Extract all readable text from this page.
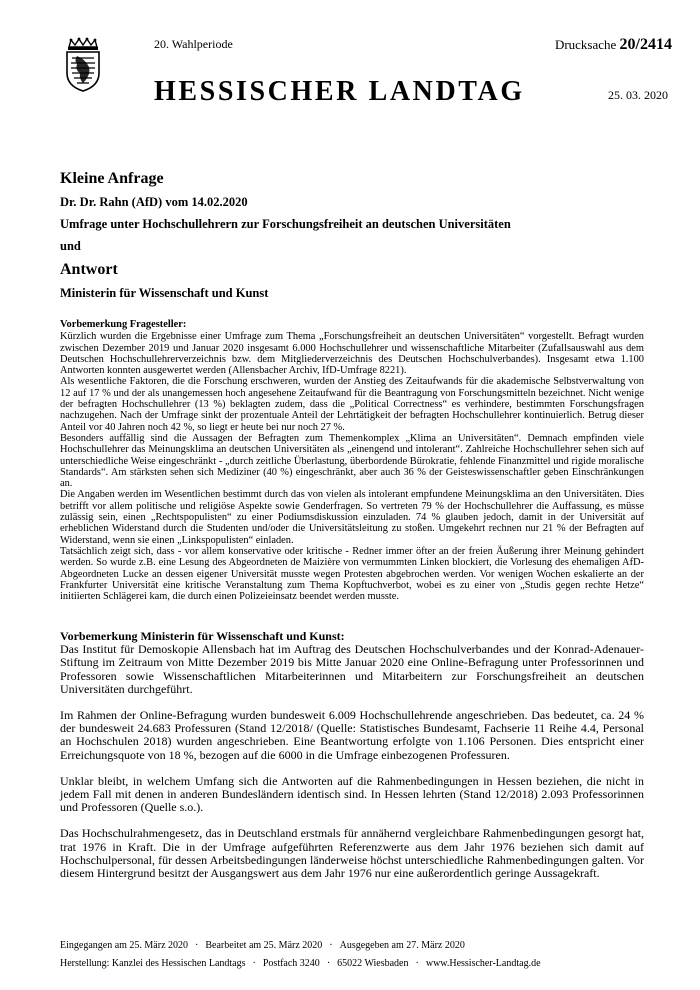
20. Wahlperiode	Drucksache 20/2414
HESSISCHER LANDTAG	25. 03. 2020
Kleine Anfrage
Dr. Dr. Rahn (AfD) vom 14.02.2020
Umfrage unter Hochschullehrern zur Forschungsfreiheit an deutschen Universitäten
und
Antwort
Ministerin für Wissenschaft und Kunst

Vorbemerkung Fragesteller:

Kürzlich wurden die Ergebnisse einer Umfrage zum Thema „Forschungsfreiheit an deutschen Universitäten“ vorgestellt. Befragt wurden zwischen Dezember 2019 und Januar 2020 insgesamt 6.000 Hochschullehrer und wissenschaftliche Mitarbeiter (Zufallsauswahl aus dem Deutschen Hochschullehrerverzeichnis bzw. dem Mitgliederverzeichnis des Deutschen Hochschulverbandes). Insgesamt etwa 1.100 Antworten konnten ausgewertet werden (Allensbacher Archiv, IfD-Umfrage 8221).

Als wesentliche Faktoren, die die Forschung erschweren, wurden der Anstieg des Zeitaufwands für die akademische Selbstverwaltung von 12 auf 17 % und der als unangemessen hoch angesehene Zeitaufwand für die Beantragung von Forschungsmitteln bezeichnet. Nicht wenige der befragten Hochschullehrer (13 %) beklagten zudem, dass die „Political Correctness“ es verhindere, bestimmten Forschungsfragen nachzugehen. Nach der Umfrage sinkt der prozentuale Anteil der Lehrtätigkeit der befragten Hochschullehrer kontinuierlich. Betrug dieser Anteil vor 40 Jahren noch 42 %, so liegt er heute bei nur noch 27 %.

Besonders auffällig sind die Aussagen der Befragten zum Themenkomplex „Klima an Universitäten“. Demnach empfinden viele Hochschullehrer das Meinungsklima an deutschen Universitäten als „einengend und intolerant“. Zahlreiche Hochschullehrer sehen sich auf unterschiedliche Weise eingeschränkt - „durch zeitliche Überlastung, überbordende Bürokratie, fehlende Finanzmittel und rigide moralische Standards“. Am stärksten sehen sich Mediziner (40 %) eingeschränkt, aber auch 36 % der Geisteswissenschaftler geben Einschränkungen an.

Die Angaben werden im Wesentlichen bestimmt durch das von vielen als intolerant empfundene Meinungsklima an den Universitäten. Dies betrifft vor allem politische und religiöse Aspekte sowie Genderfragen. So vertreten 79 % der Hochschullehrer die Auffassung, es müsse zulässig sein, einen „Rechtspopulisten“ zu einer Podiumsdiskussion einzuladen. 74 % glauben jedoch, damit in der Universität auf erheblichen Widerstand durch die Studenten und/oder die Universitätsleitung zu stoßen. Umgekehrt rechnen nur 21 % der Befragten auf Widerstand, wenn sie einen „Linkspopulisten“ einladen.

Tatsächlich zeigt sich, dass - vor allem konservative oder kritische - Redner immer öfter an der freien Äußerung ihrer Meinung gehindert werden. So wurde z.B. eine Lesung des Abgeordneten de Maizière von vermummten Linken blockiert, die Vorlesung des ehemaligen AfD-Abgeordneten Lucke an dessen eigener Universität musste wegen Protesten abgebrochen werden. Vor wenigen Wochen eskalierte an der Frankfurter Universität eine kritische Veranstaltung zum Thema Kopftuchverbot, wobei es zu einer von „Studis gegen rechte Hetze“ initiierten Schlägerei kam, die durch einen Polizeieinsatz beendet werden musste.

Vorbemerkung Ministerin für Wissenschaft und Kunst:

Das Institut für Demoskopie Allensbach hat im Auftrag des Deutschen Hochschulverbandes und der Konrad-Adenauer-Stiftung im Zeitraum von Mitte Dezember 2019 bis Mitte Januar 2020 eine Online-Befragung unter Professorinnen und Professoren sowie Wissenschaftlichen Mitarbeiterinnen und Mitarbeitern zur Forschungsfreiheit an deutschen Universitäten durchgeführt.

Im Rahmen der Online-Befragung wurden bundesweit 6.009 Hochschullehrende angeschrieben. Das bedeutet, ca. 24 % der bundesweit 24.683 Professuren (Stand 12/2018/ (Quelle: Statistisches Bundesamt, Fachserie 11 Reihe 4.4, Personal an Hochschulen 2018) wurden angeschrieben. Eine Beantwortung erfolgte von 1.106 Personen. Dies entspricht einer Erreichungsquote von 18 %, bezogen auf die 6000 in die Umfrage einbezogenen Professuren.

Unklar bleibt, in welchem Umfang sich die Antworten auf die Rahmenbedingungen in Hessen beziehen, die nicht in jedem Fall mit denen in anderen Bundesländern identisch sind. In Hessen lehrten (Stand 12/2018) 2.093 Professorinnen und Professoren (Quelle s.o.).

Das Hochschulrahmengesetz, das in Deutschland erstmals für annähernd vergleichbare Rahmenbedingungen gesorgt hat, trat 1976 in Kraft. Die in der Umfrage aufgeführten Referenzwerte aus dem Jahr 1976 beziehen sich damit auf Hochschulpersonal, für dessen Arbeitsbedingungen länderweise höchst unterschiedliche Rahmenbedingungen galten. Vor diesem Hintergrund besitzt der Ausgangswert aus dem Jahr 1976 nur eine außerordentlich geringe Aussagekraft.

Eingegangen am 25. März 2020 · Bearbeitet am 25. März 2020 · Ausgegeben am 27. März 2020
Herstellung: Kanzlei des Hessischen Landtags · Postfach 3240 · 65022 Wiesbaden · www.Hessischer-Landtag.de
